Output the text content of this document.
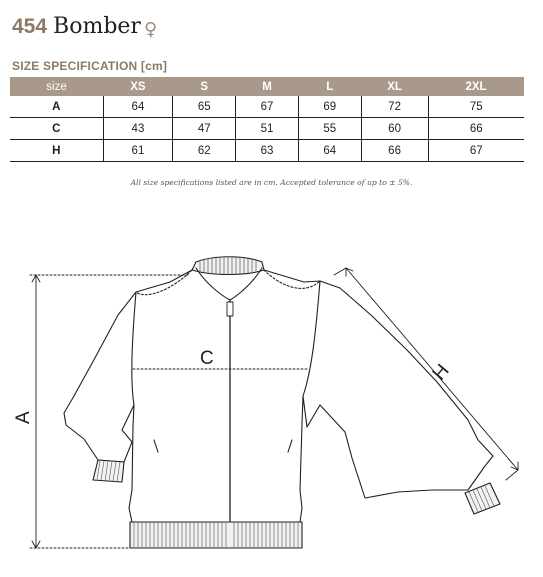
454 Bomber ♀
SIZE SPECIFICATION [cm]
size	XS	S	M	L	XL	2XL
A	64	65	67	69	72	75
C	43	47	51	55	60	66
H	61	62	63	64	66	67
All size specifications listed are in cm. Accepted tolerance of up to ± 5%.
A
C
H
